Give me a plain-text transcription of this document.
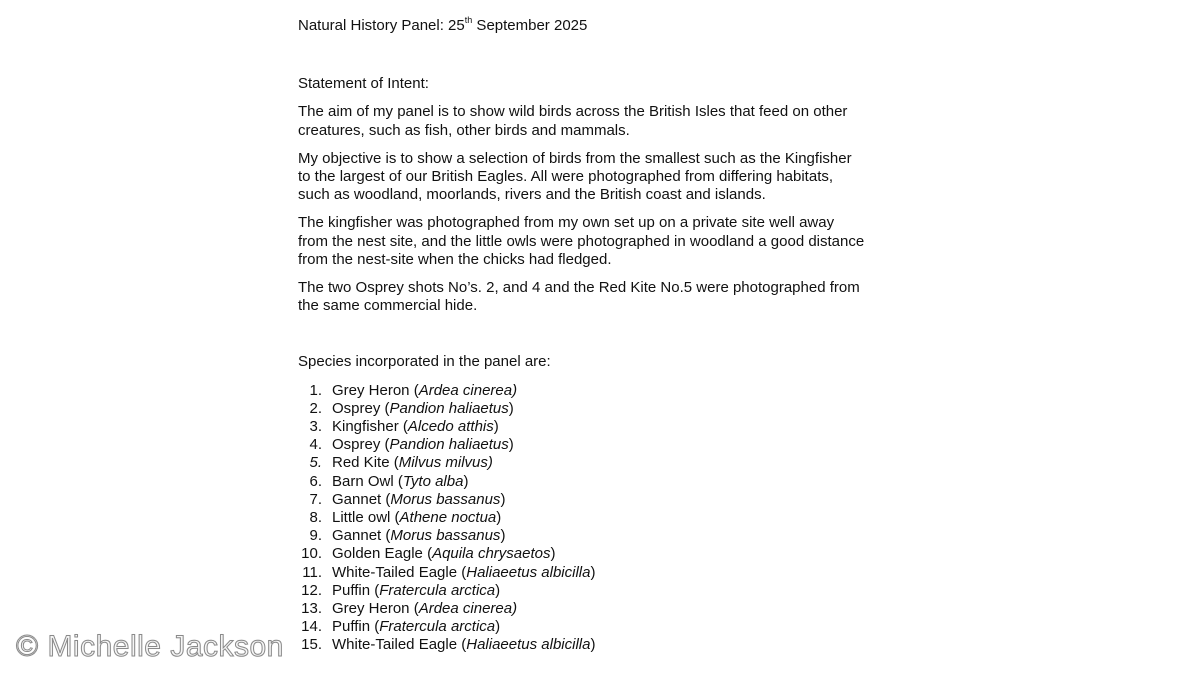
Natural History Panel: 25th September 2025

Statement of Intent:

The aim of my panel is to show wild birds across the British Isles that feed on other creatures, such as fish, other birds and mammals.

My objective is to show a selection of birds from the smallest such as the Kingfisher to the largest of our British Eagles. All were photographed from differing habitats, such as woodland, moorlands, rivers and the British coast and islands.

The kingfisher was photographed from my own set up on a private site well away from the nest site, and the little owls were photographed in woodland a good distance from the nest-site when the chicks had fledged.

The two Osprey shots No’s. 2, and 4 and the Red Kite No.5 were photographed from the same commercial hide.

Species incorporated in the panel are:

1. Grey Heron (Ardea cinerea)
2. Osprey (Pandion haliaetus)
3. Kingfisher (Alcedo atthis)
4. Osprey (Pandion haliaetus)
5. Red Kite (Milvus milvus)
6. Barn Owl (Tyto alba)
7. Gannet (Morus bassanus)
8. Little owl (Athene noctua)
9. Gannet (Morus bassanus)
10. Golden Eagle (Aquila chrysaetos)
11. White-Tailed Eagle (Haliaeetus albicilla)
12. Puffin (Fratercula arctica)
13. Grey Heron (Ardea cinerea)
14. Puffin (Fratercula arctica)
15. White-Tailed Eagle (Haliaeetus albicilla)
© Michelle Jackson
